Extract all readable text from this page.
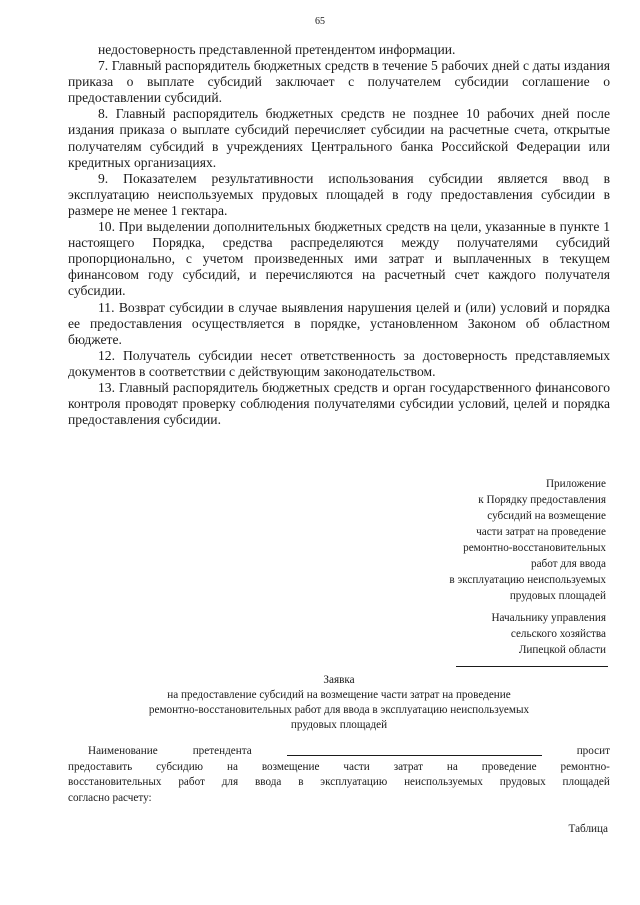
65

недостоверность представленной претендентом информации.

7. Главный распорядитель бюджетных средств в течение 5 рабочих дней с даты издания приказа о выплате субсидий заключает с получателем субсидии соглашение о предоставлении субсидий.

8. Главный распорядитель бюджетных средств не позднее 10 рабочих дней после издания приказа о выплате субсидий перечисляет субсидии на расчетные счета, открытые получателям субсидий в учреждениях Центрального банка Российской Федерации или кредитных организациях.

9. Показателем результативности использования субсидии является ввод в эксплуатацию неиспользуемых прудовых площадей в году предоставления субсидии в размере не менее 1 гектара.

10. При выделении дополнительных бюджетных средств на цели, указанные в пункте 1 настоящего Порядка, средства распределяются между получателями субсидий пропорционально, с учетом произведенных ими затрат и выплаченных в текущем финансовом году субсидий, и перечисляются на расчетный счет каждого получателя субсидии.

11. Возврат субсидии в случае выявления нарушения целей и (или) условий и порядка ее предоставления осуществляется в порядке, установленном Законом об областном бюджете.

12. Получатель субсидии несет ответственность за достоверность представляемых документов в соответствии с действующим законодательством.

13. Главный распорядитель бюджетных средств и орган государственного финансового контроля проводят проверку соблюдения получателями субсидии условий, целей и порядка предоставления субсидии.

Приложение
к Порядку предоставления
субсидий на возмещение
части затрат на проведение
ремонтно-восстановительных
работ для ввода
в эксплуатацию неиспользуемых
прудовых площадей
Начальнику управления
сельского хозяйства
Липецкой области
Заявка
на предоставление субсидий на возмещение части затрат на проведение
ремонтно-восстановительных работ для ввода в эксплуатацию неиспользуемых
прудовых площадей
Наименование	претендента	просит
предоставить субсидию на возмещение части затрат на проведение ремонтно-
восстановительных работ для ввода в эксплуатацию неиспользуемых прудовых площадей
согласно расчету:
Таблица
